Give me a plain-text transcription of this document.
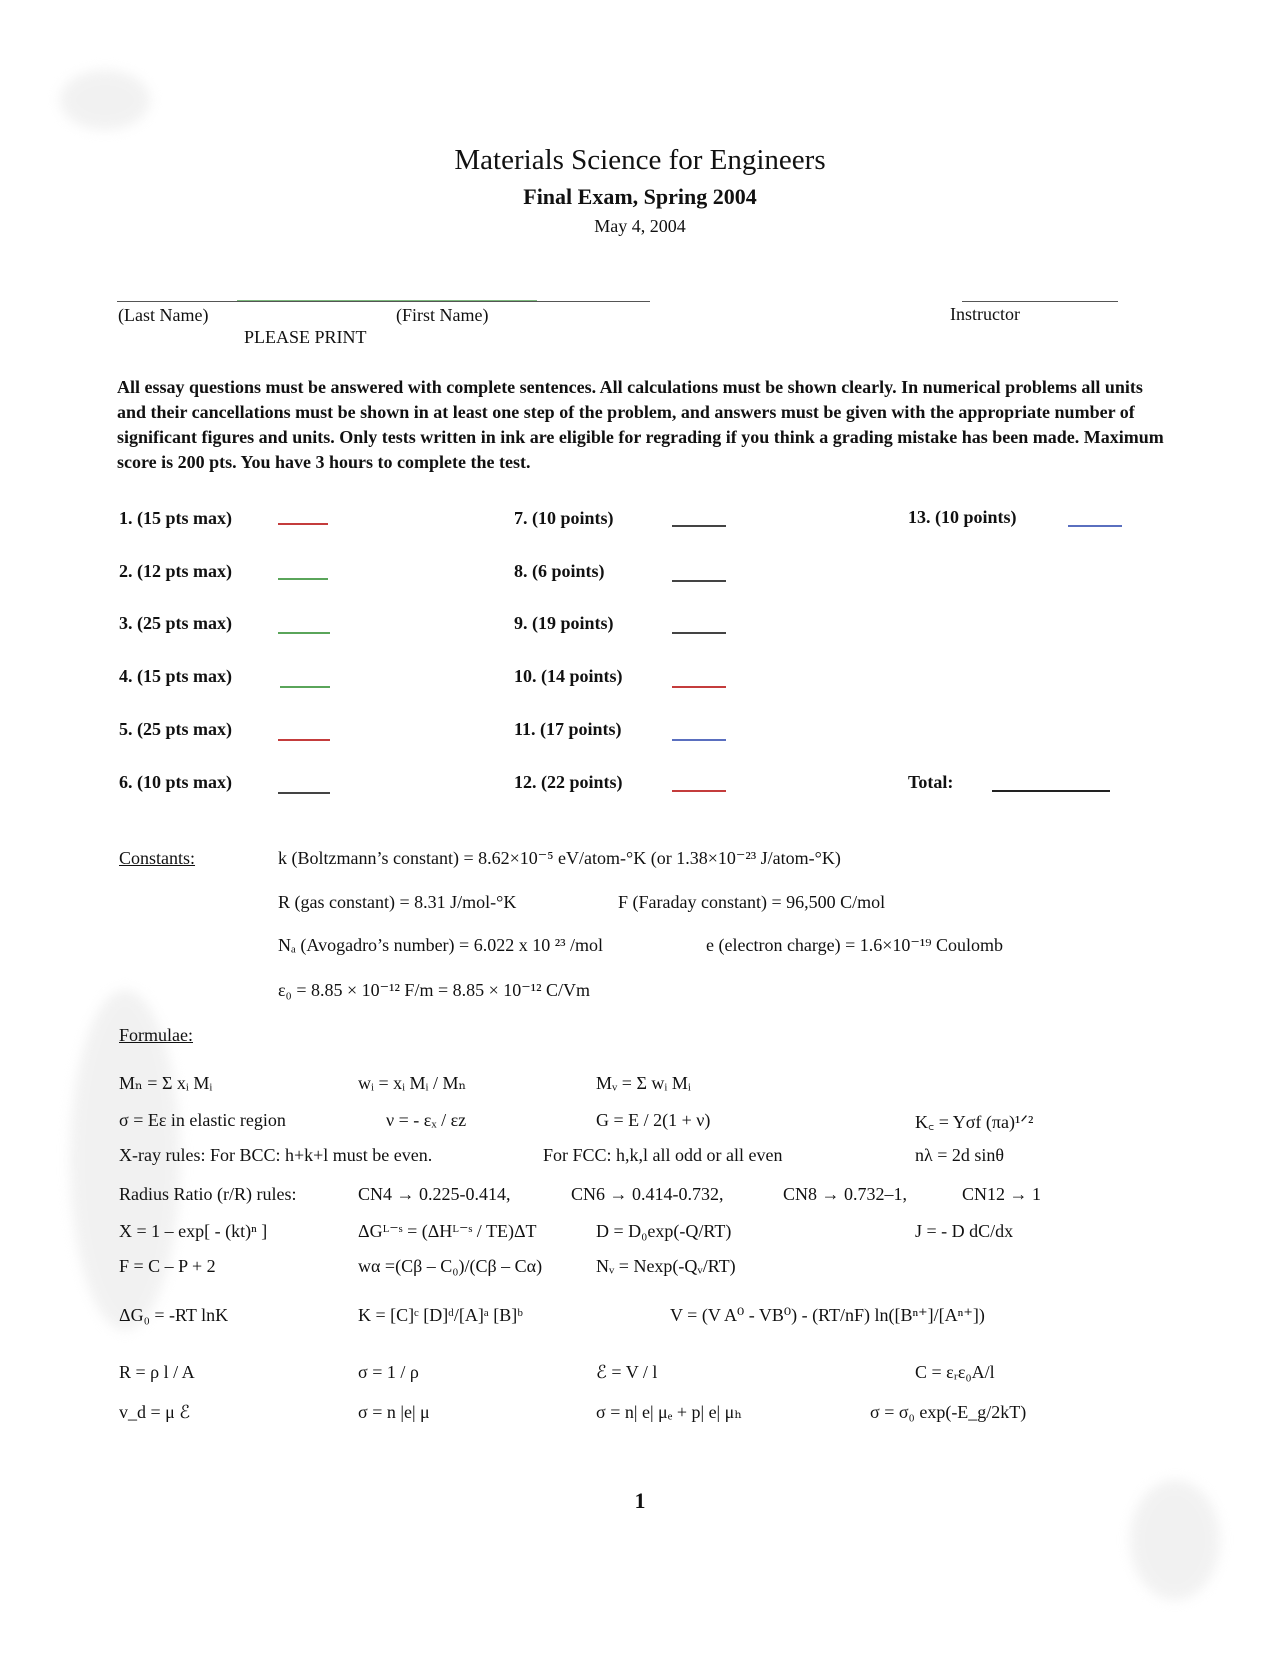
Materials Science for Engineers
Final Exam, Spring 2004
May 4, 2004
(Last Name)	(First Name)
PLEASE PRINT
Instructor
All essay questions must be answered with complete sentences. All calculations must be shown clearly. In numerical problems all units and their cancellations must be shown in at least one step of the problem, and answers must be given with the appropriate number of significant figures and units. Only tests written in ink are eligible for regrading if you think a grading mistake has been made. Maximum score is 200 pts. You have 3 hours to complete the test.
1. (15 pts max)
2. (12 pts max)
3. (25 pts max)
4. (15 pts max)
5. (25 pts max)
6. (10 pts max)
7. (10 points)
8. (6 points)
9. (19 points)
10. (14 points)
11. (17 points)
12. (22 points)
13. (10 points)
Total:
Constants:	k (Boltzmann’s constant) = 8.62×10⁻⁵ eV/atom-°K (or 1.38×10⁻²³ J/atom-°K)
R (gas constant) = 8.31 J/mol-°K	F (Faraday constant) = 96,500 C/mol
Nₐ (Avogadro’s number) = 6.022 x 10 ²³ /mol	e (electron charge) = 1.6×10⁻¹⁹ Coulomb
ε₀ = 8.85 × 10⁻¹² F/m = 8.85 × 10⁻¹² C/Vm
Formulae:
Mₙ = Σ xᵢ Mᵢ	wᵢ = xᵢ Mᵢ / Mₙ	Mᵥ = Σ wᵢ Mᵢ
σ = Eε in elastic region	ν = - εₓ / εz	G = E / 2(1 + ν)	K꜀ = Yσf (πa)¹ᐟ²
X-ray rules: For BCC: h+k+l must be even.	For FCC: h,k,l all odd or all even	nλ = 2d sinθ
Radius Ratio (r/R) rules:	CN4 → 0.225-0.414,	CN6 → 0.414-0.732,	CN8 → 0.732–1,	CN12 → 1
X = 1 – exp[ - (kt)ⁿ ]	ΔGᴸ⁻ˢ = (ΔHᴸ⁻ˢ / TE)ΔT	D = D₀exp(-Q/RT)	J = - D dC/dx
F = C – P + 2	wα =(Cβ – C₀)/(Cβ – Cα)	Nᵥ = Nexp(-Qᵥ/RT)
ΔG₀ = -RT lnK	K = [C]ᶜ [D]ᵈ/[A]ᵃ [B]ᵇ	V = (V A⁰ - VB⁰) - (RT/nF) ln([Bⁿ⁺]/[Aⁿ⁺])
R = ρ l / A	σ = 1 / ρ	ℰ = V / l	C = εᵣε₀A/l
v_d = μ ℰ	σ = n |e| μ	σ = n| e| μₑ + p| e| μₕ	σ = σ₀ exp(-E_g/2kT)
1
